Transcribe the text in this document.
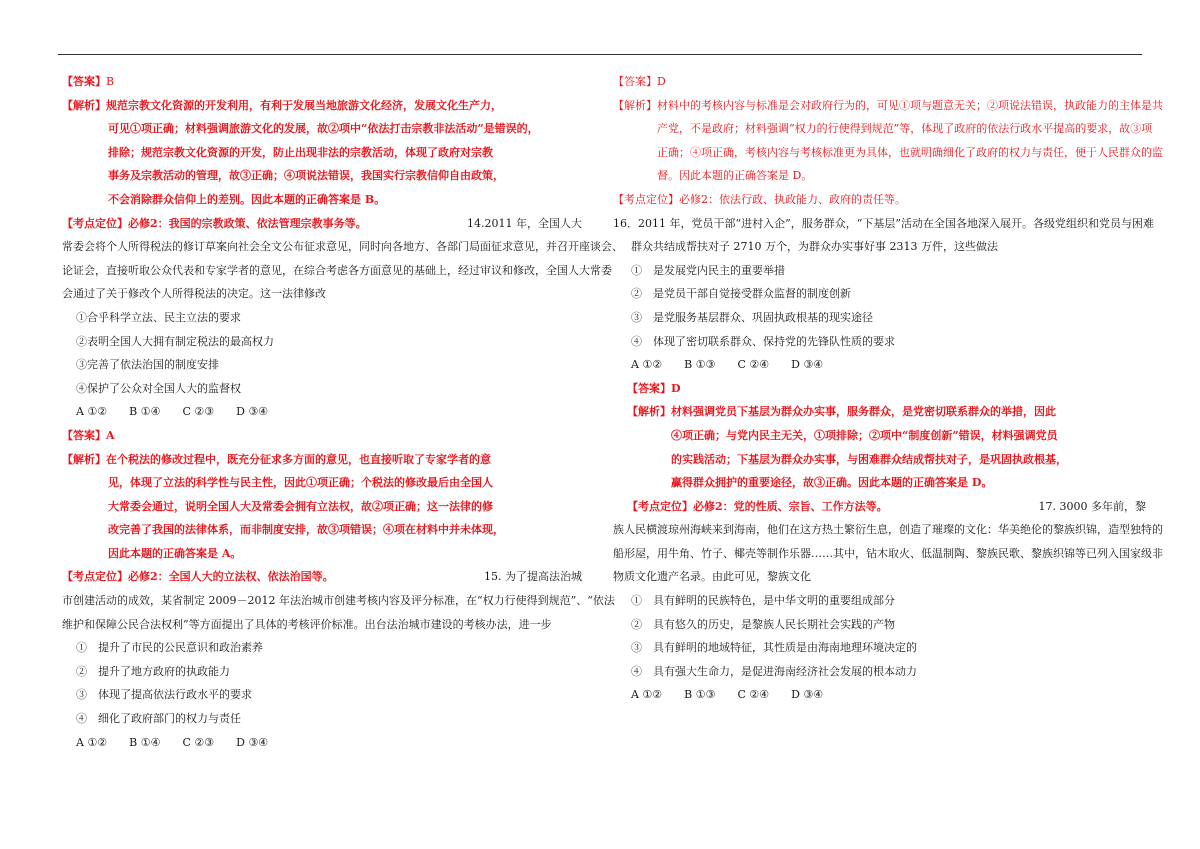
【答案】B
【解析】规范宗教文化资源的开发利用，有利于发展当地旅游文化经济，发展文化生产力，
可见①项正确；材料强调旅游文化的发展，故②项中“依法打击宗教非法活动”是错误的，
排除；规范宗教文化资源的开发，防止出现非法的宗教活动，体现了政府对宗教
事务及宗教活动的管理，故③正确；④项说法错误，我国实行宗教信仰自由政策，
不会消除群众信仰上的差别。因此本题的正确答案是 B。
【考点定位】必修2：我国的宗教政策、依法管理宗教事务等。	14.2011 年，全国人大
常委会将个人所得税法的修订草案向社会全文公布征求意见，同时向各地方、各部门局面征求意见，并召开座谈会、
论证会，直接听取公众代表和专家学者的意见，在综合考虑各方面意见的基础上，经过审议和修改，全国人大常委
会通过了关于修改个人所得税法的决定。这一法律修改
①合乎科学立法、民主立法的要求
②表明全国人大拥有制定税法的最高权力
③完善了依法治国的制度安排
④保护了公众对全国人大的监督权
A ①② B ①④ C ②③ D ③④
【答案】A
【解析】在个税法的修改过程中，既充分征求多方面的意见，也直接听取了专家学者的意
见，体现了立法的科学性与民主性，因此①项正确；个税法的修改最后由全国人
大常委会通过，说明全国人大及常委会拥有立法权，故②项正确；这一法律的修
改完善了我国的法律体系，而非制度安排，故③项错误；④项在材料中并未体现，
因此本题的正确答案是 A。
【考点定位】必修2：全国人大的立法权、依法治国等。	15. 为了提高法治城
市创建活动的成效，某省制定 2009－2012 年法治城市创建考核内容及评分标准，在“权力行使得到规范”、“依法
维护和保障公民合法权利”等方面提出了具体的考核评价标准。出台法治城市建设的考核办法，进一步
①　提升了市民的公民意识和政治素养
②　提升了地方政府的执政能力
③　体现了提高依法行政水平的要求
④　细化了政府部门的权力与责任
A ①② B ①④ C ②③ D ③④
【答案】D
【解析】材料中的考核内容与标准是会对政府行为的，可见①项与题意无关；②项说法错误，执政能力的主体是共
产党，不是政府；材料强调“权力的行使得到规范”等，体现了政府的依法行政水平提高的要求，故③项
正确；④项正确，考核内容与考核标准更为具体，也就明确细化了政府的权力与责任，便于人民群众的监
督。因此本题的正确答案是 D。
【考点定位】必修2：依法行政、执政能力、政府的责任等。
16．2011 年，党员干部“进村入企”，服务群众，“下基层”活动在全国各地深入展开。各级党组织和党员与困难
群众共结成帮扶对子 2710 万个，为群众办实事好事 2313 万件，这些做法
①　是发展党内民主的重要举措
②　是党员干部自觉接受群众监督的制度创新
③　是党服务基层群众、巩固执政根基的现实途径
④　体现了密切联系群众、保持党的先锋队性质的要求
A ①② B ①③ C ②④ D ③④
【答案】D
【解析】材料强调党员下基层为群众办实事，服务群众，是党密切联系群众的举措，因此
④项正确；与党内民主无关，①项排除；②项中“制度创新”错误，材料强调党员
的实践活动；下基层为群众办实事，与困难群众结成帮扶对子，是巩固执政根基，
赢得群众拥护的重要途径，故③正确。因此本题的正确答案是 D。
【考点定位】必修2：党的性质、宗旨、工作方法等。	17. 3000 多年前，黎
族人民横渡琼州海峡来到海南，他们在这方热土繁衍生息，创造了璀璨的文化：华美绝伦的黎族织锦，造型独特的
船形屋，用牛角、竹子、椰壳等制作乐器……其中，钻木取火、低温制陶、黎族民歌、黎族织锦等已列入国家级非
物质文化遗产名录。由此可见，黎族文化
①　具有鲜明的民族特色，是中华文明的重要组成部分
②　具有悠久的历史，是黎族人民长期社会实践的产物
③　具有鲜明的地域特征，其性质是由海南地理环境决定的
④　具有强大生命力，是促进海南经济社会发展的根本动力
A ①② B ①③ C ②④ D ③④
